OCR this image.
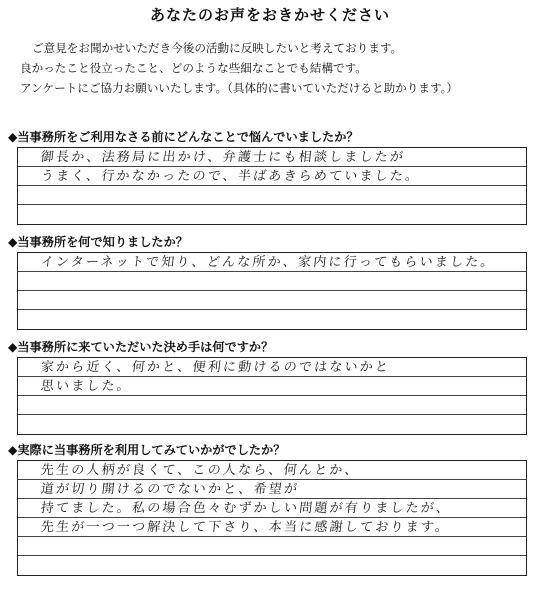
あなたのお声をおきかせください
ご意見をお聞かせいただき今後の活動に反映したいと考えております。
良かったこと役立ったこと、どのような些細なことでも結構です。
アンケートにご協力お願いいたします。（具体的に書いていただけると助かります。）
◆当事務所をご利用なさる前にどんなことで悩んでいましたか？
御長か、法務局に出かけ、弁護士にも相談しましたが
うまく、行かなかったので、半ばあきらめていました。
◆当事務所を何で知りましたか？
インターネットで知り、どんな所か、家内に行ってもらいました。
◆当事務所に来ていただいた決め手は何ですか？
家から近く、何かと、便利に動けるのではないかと
思いました。
◆実際に当事務所を利用してみていかがでしたか？
先生の人柄が良くて、この人なら、何んとか、
道が切り開けるのでないかと、希望が
持てました。私の場合色々むずかしい問題が有りましたが、
先生が一つ一つ解決して下さり、本当に感謝しております。
